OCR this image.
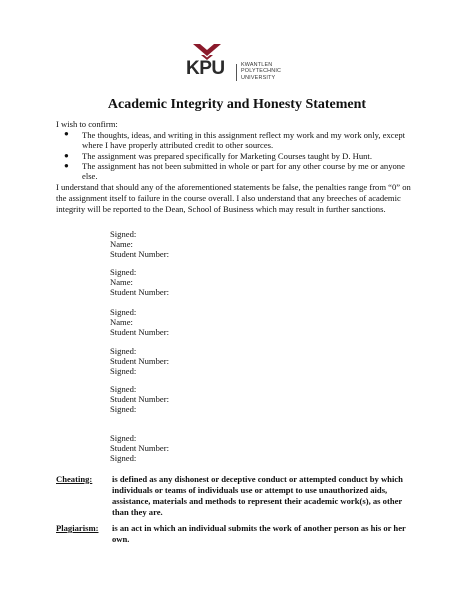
KPU	KWANTLEN
POLYTECHNIC
UNIVERSITY
Academic Integrity and Honesty Statement
I wish to confirm:
● The thoughts, ideas, and writing in this assignment reflect my work and my work only, except
where I have properly attributed credit to other sources.
● The assignment was prepared specifically for Marketing Courses taught by D. Hunt.
● The assignment has not been submitted in whole or part for any other course by me or anyone
else.
I understand that should any of the aforementioned statements be false, the penalties range from “0” on
the assignment itself to failure in the course overall. I also understand that any breeches of academic
integrity will be reported to the Dean, School of Business which may result in further sanctions.
Signed:
Name:
Student Number:
Signed:
Name:
Student Number:
Signed:
Name:
Student Number:
Signed:
Student Number:
Signed:
Signed:
Student Number:
Signed:
Signed:
Student Number:
Signed:
Cheating: is defined as any dishonest or deceptive conduct or attempted conduct by which
individuals or teams of individuals use or attempt to use unauthorized aids,
assistance, materials and methods to represent their academic work(s), as other
than they are.
Plagiarism: is an act in which an individual submits the work of another person as his or her
own.
